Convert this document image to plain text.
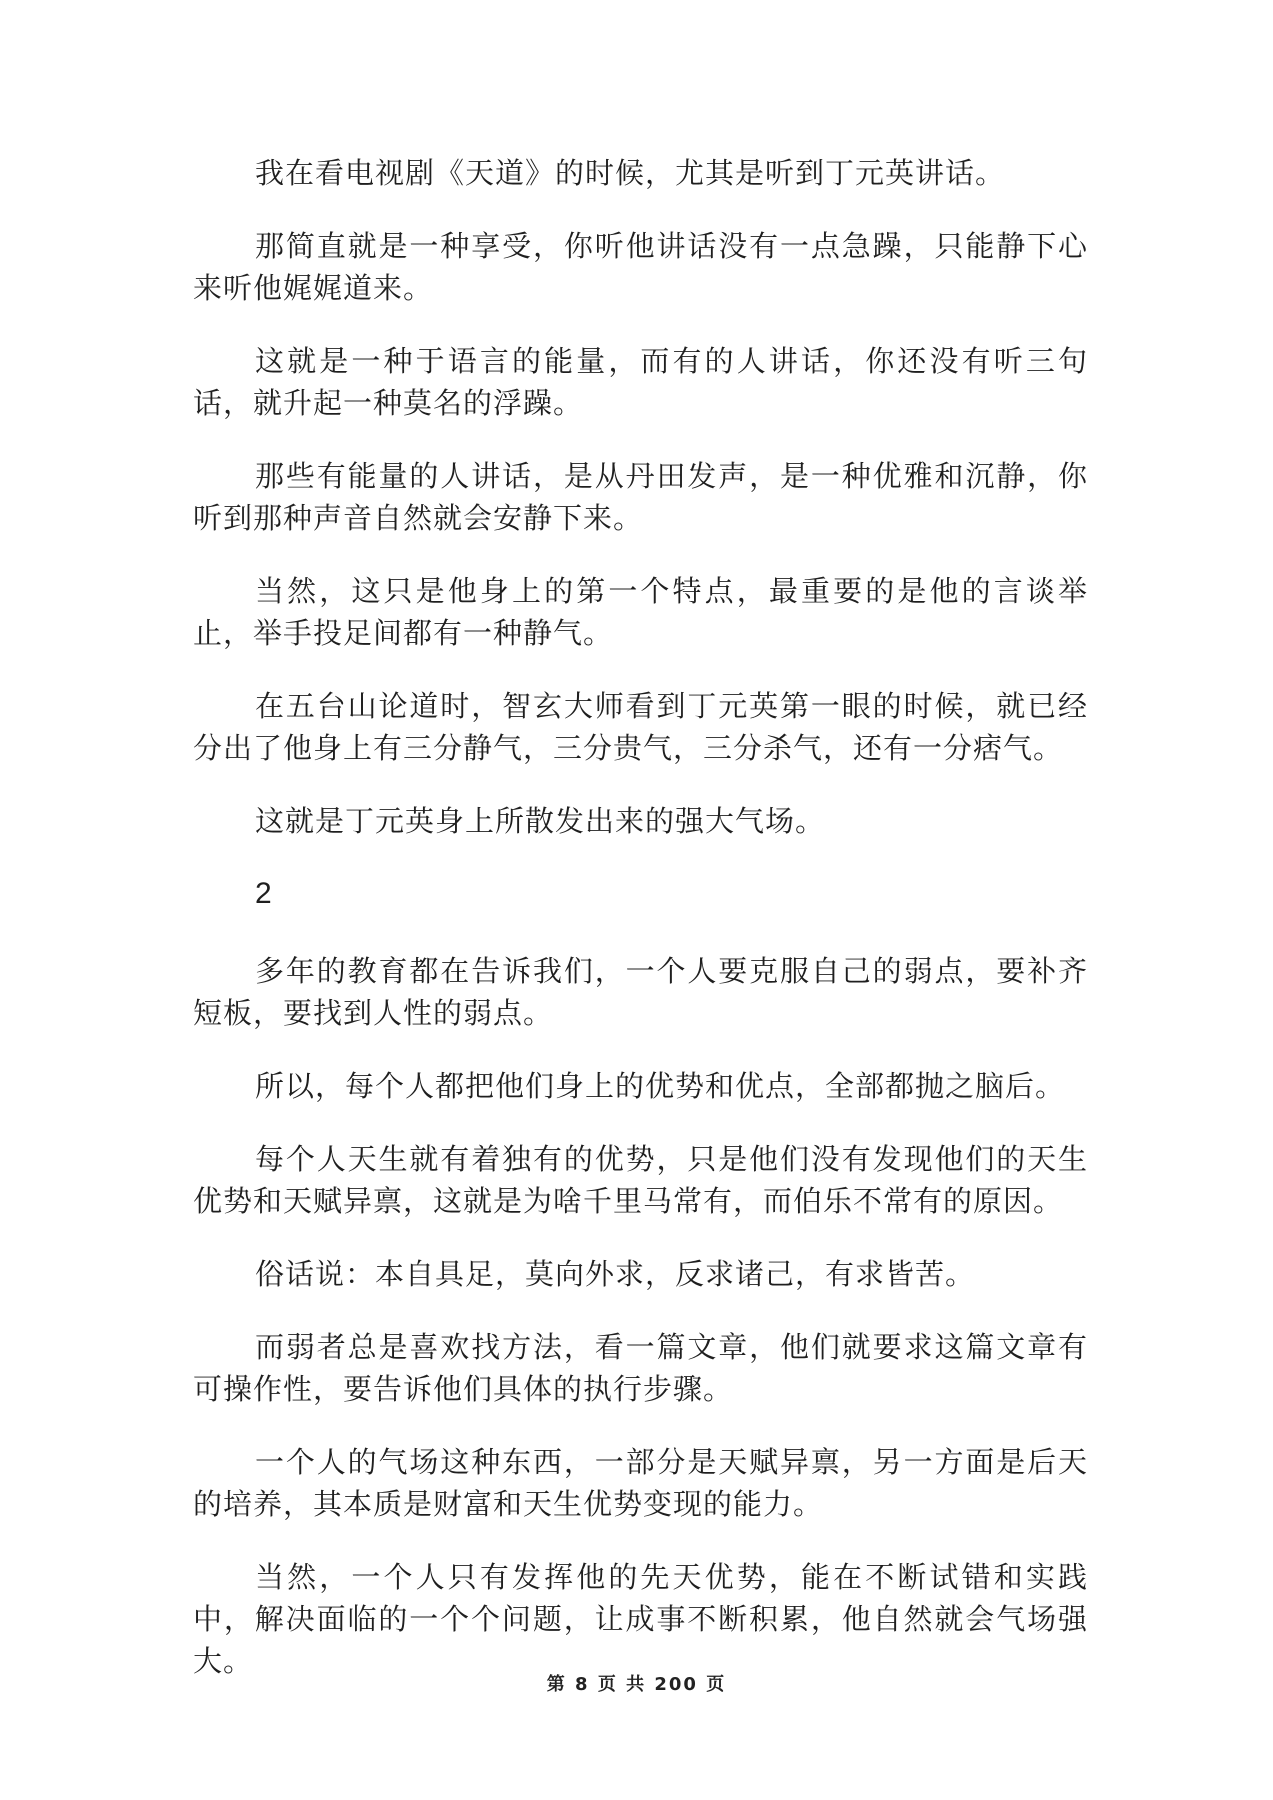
我在看电视剧《天道》的时候，尤其是听到丁元英讲话。

那简直就是一种享受，你听他讲话没有一点急躁，只能静下心来听他娓娓道来。

这就是一种于语言的能量，而有的人讲话，你还没有听三句话，就升起一种莫名的浮躁。

那些有能量的人讲话，是从丹田发声，是一种优雅和沉静，你听到那种声音自然就会安静下来。

当然，这只是他身上的第一个特点，最重要的是他的言谈举止，举手投足间都有一种静气。

在五台山论道时，智玄大师看到丁元英第一眼的时候，就已经分出了他身上有三分静气，三分贵气，三分杀气，还有一分痞气。

这就是丁元英身上所散发出来的强大气场。

2

多年的教育都在告诉我们，一个人要克服自己的弱点，要补齐短板，要找到人性的弱点。

所以，每个人都把他们身上的优势和优点，全部都抛之脑后。

每个人天生就有着独有的优势，只是他们没有发现他们的天生优势和天赋异禀，这就是为啥千里马常有，而伯乐不常有的原因。

俗话说：本自具足，莫向外求，反求诸己，有求皆苦。

而弱者总是喜欢找方法，看一篇文章，他们就要求这篇文章有可操作性，要告诉他们具体的执行步骤。

一个人的气场这种东西，一部分是天赋异禀，另一方面是后天的培养，其本质是财富和天生优势变现的能力。

当然，一个人只有发挥他的先天优势，能在不断试错和实践中，解决面临的一个个问题，让成事不断积累，他自然就会气场强大。

第 8 页 共 200 页
